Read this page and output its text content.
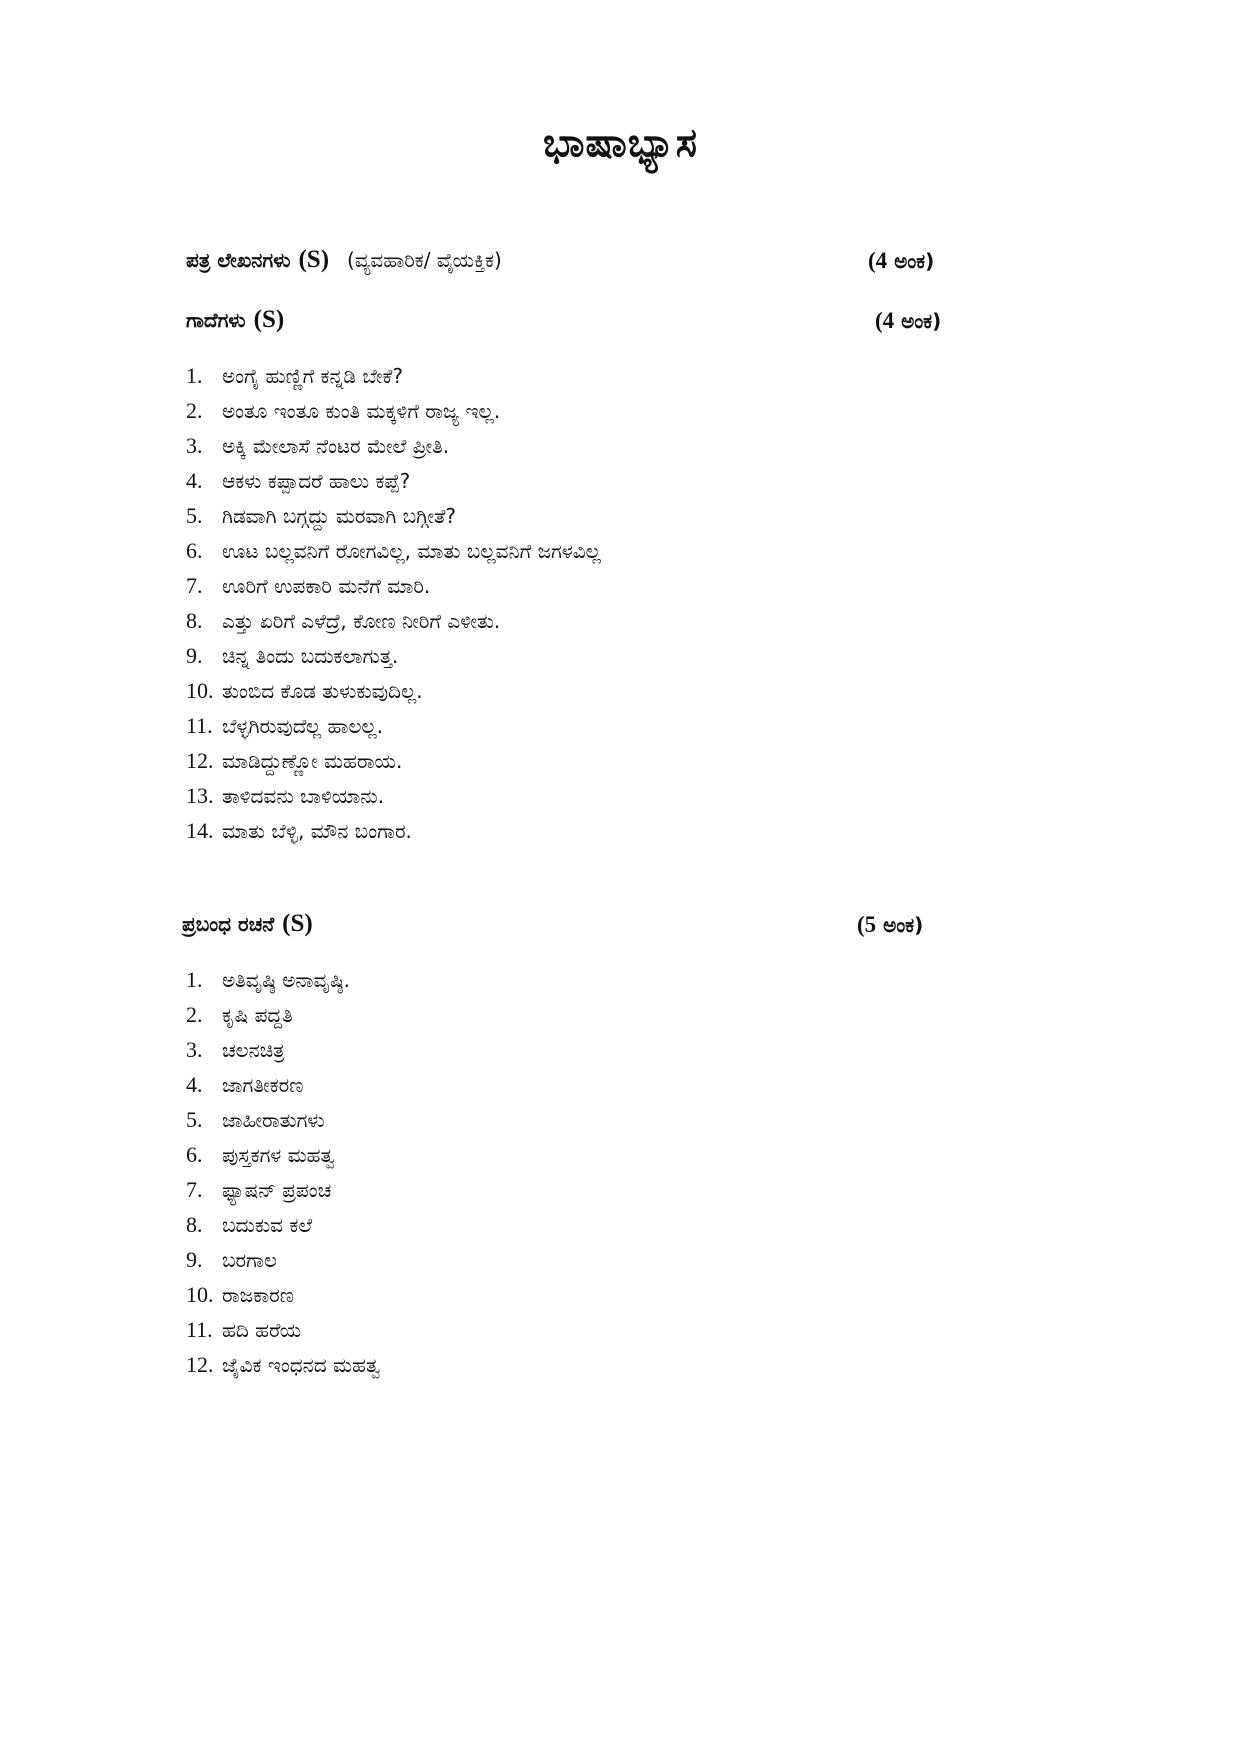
ಭಾಷಾಭ್ಯಾಸ
ಪತ್ರ ಲೇಖನಗಳು (S) (ವ್ಯವಹಾರಿಕ/ ವೈಯಕ್ತಿಕ)	(4 ಅಂಕ)
ಗಾದೆಗಳು (S)	(4 ಅಂಕ)
1. ಅಂಗೈ ಹುಣ್ಣಿಗೆ ಕನ್ನಡಿ ಬೇಕೆ?
2. ಅಂತೂ ಇಂತೂ ಕುಂತಿ ಮಕ್ಕಳಿಗೆ ರಾಜ್ಯ ಇಲ್ಲ.
3. ಅಕ್ಕಿ ಮೇಲಾಸೆ ನೆಂಟರ ಮೇಲೆ ಪ್ರೀತಿ.
4. ಆಕಳು ಕಪ್ಪಾದರೆ ಹಾಲು ಕಪ್ಪೆ?
5. ಗಿಡವಾಗಿ ಬಗ್ಗದ್ದು ಮರವಾಗಿ ಬಗ್ಗೀತೆ?
6. ಊಟ ಬಲ್ಲವನಿಗೆ ರೋಗವಿಲ್ಲ, ಮಾತು ಬಲ್ಲವನಿಗೆ ಜಗಳವಿಲ್ಲ
7. ಊರಿಗೆ ಉಪಕಾರಿ ಮನೆಗೆ ಮಾರಿ.
8. ಎತ್ತು ಏರಿಗೆ ಎಳೆದ್ರೆ, ಕೋಣ ನೀರಿಗೆ ಎಳೀತು.
9. ಚಿನ್ನ ತಿಂದು ಬದುಕಲಾಗುತ್ತ.
10. ತುಂಬಿದ ಕೊಡ ತುಳುಕುವುದಿಲ್ಲ.
11. ಬೆಳ್ಳಗಿರುವುದೆಲ್ಲ ಹಾಲಲ್ಲ.
12. ಮಾಡಿದ್ದುಣ್ಣೋ ಮಹರಾಯ.
13. ತಾಳಿದವನು ಬಾಳಿಯಾನು.
14. ಮಾತು ಬೆಳ್ಳಿ, ಮೌನ ಬಂಗಾರ.
ಪ್ರಬಂಧ ರಚನೆ (S)	(5 ಅಂಕ)
1. ಅತಿವೃಷ್ಠಿ ಅನಾವೃಷ್ಠಿ.
2. ಕೃಷಿ ಪದ್ದತಿ
3. ಚಲನಚಿತ್ರ
4. ಜಾಗತೀಕರಣ
5. ಜಾಹೀರಾತುಗಳು
6. ಪುಸ್ತಕಗಳ ಮಹತ್ವ
7. ಫ್ಯಾಷನ್ ಪ್ರಪಂಚ
8. ಬದುಕುವ ಕಲೆ
9. ಬರಗಾಲ
10. ರಾಜಕಾರಣ
11. ಹದಿ ಹರೆಯ
12. ಜೈವಿಕ ಇಂಧನದ ಮಹತ್ವ
